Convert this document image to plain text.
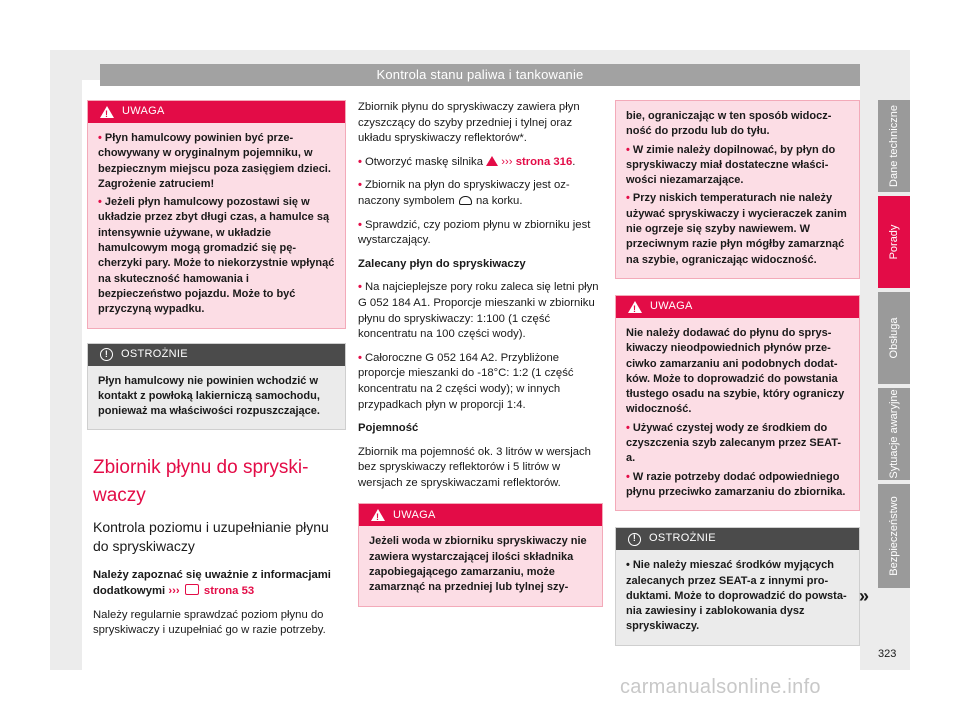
Kontrola stanu paliwa i tankowanie
!
UWAGA

• Płyn hamulcowy powinien być przechowywany w oryginalnym pojemniku, w bezpiecznym miejscu poza zasięgiem dzieci. Zagrożenie zatruciem!

• Jeżeli płyn hamulcowy pozostawi się w układzie przez zbyt długi czas, a hamulce są intensywnie używane, w układzie hamulcowym mogą gromadzić się pęcherzyki pary. Może to niekorzystnie wpłynąć na skuteczność hamowania i bezpieczeństwo pojazdu. Może to być przyczyną wypadku.

!	OSTROŻNIE

Płyn hamulcowy nie powinien wchodzić w kontakt z powłoką lakierniczą samochodu, ponieważ ma właściwości rozpuszczające.

Zbiornik płynu do spryskiwaczy
Kontrola poziomu i uzupełnianie płynu do spryskiwaczy

Należy zapoznać się uważnie z informacjami dodatkowymi ››› strona 53

Należy regularnie sprawdzać poziom płynu do spryskiwaczy i uzupełniać go w razie potrzeby.

Zbiornik płynu do spryskiwaczy zawiera płyn czyszczący do szyby przedniej i tylnej oraz układu spryskiwaczy reflektorów*.

• Otworzyć maskę silnika ››› strona 316.

• Zbiornik na płyn do spryskiwaczy jest oznaczony symbolem na korku.

• Sprawdzić, czy poziom płynu w zbiorniku jest wystarczający.

Zalecany płyn do spryskiwaczy

• Na najcieplejsze pory roku zaleca się letni płyn G 052 184 A1. Proporcje mieszanki w zbiorniku płynu do spryskiwaczy: 1:100 (1 część koncentratu na 100 części wody).

• Całoroczne G 052 164 A2. Przybliżone proporcje mieszanki do -18°C: 1:2 (1 część koncentratu na 2 części wody); w innych przypadkach płyn w proporcji 1:4.

Pojemność

Zbiornik ma pojemność ok. 3 litrów w wersjach bez spryskiwaczy reflektorów i 5 litrów w wersjach ze spryskiwaczami reflektorów.

!
UWAGA

Jeżeli woda w zbiorniku spryskiwaczy nie zawiera wystarczającej ilości składnika zapobiegającego zamarzaniu, może zamarznąć na przedniej lub tylnej szy-

bie, ograniczając w ten sposób widoczność do przodu lub do tyłu.

• W zimie należy dopilnować, by płyn do spryskiwaczy miał dostateczne właściwości niezamarzające.

• Przy niskich temperaturach nie należy używać spryskiwaczy i wycieraczek zanim nie ogrzeje się szyby nawiewem. W przeciwnym razie płyn mógłby zamarznąć na szybie, ograniczając widoczność.

!
UWAGA

Nie należy dodawać do płynu do spryskiwaczy nieodpowiednich płynów przeciwko zamarzaniu ani podobnych dodatków. Może to doprowadzić do powstania tłustego osadu na szybie, który ograniczy widoczność.

• Używać czystej wody ze środkiem do czyszczenia szyb zalecanym przez SEAT-a.

• W razie potrzeby dodać odpowiedniego płynu przeciwko zamarzaniu do zbiornika.

!	OSTROŻNIE

• Nie należy mieszać środków myjących zalecanych przez SEAT-a z innymi produktami. Może to doprowadzić do powstania zawiesiny i zablokowania dysz spryskiwaczy.

»
Dane techniczne
Porady
Obsługa
Sytuacje awaryjne
Bezpieczeństwo
323
carmanualsonline.info
